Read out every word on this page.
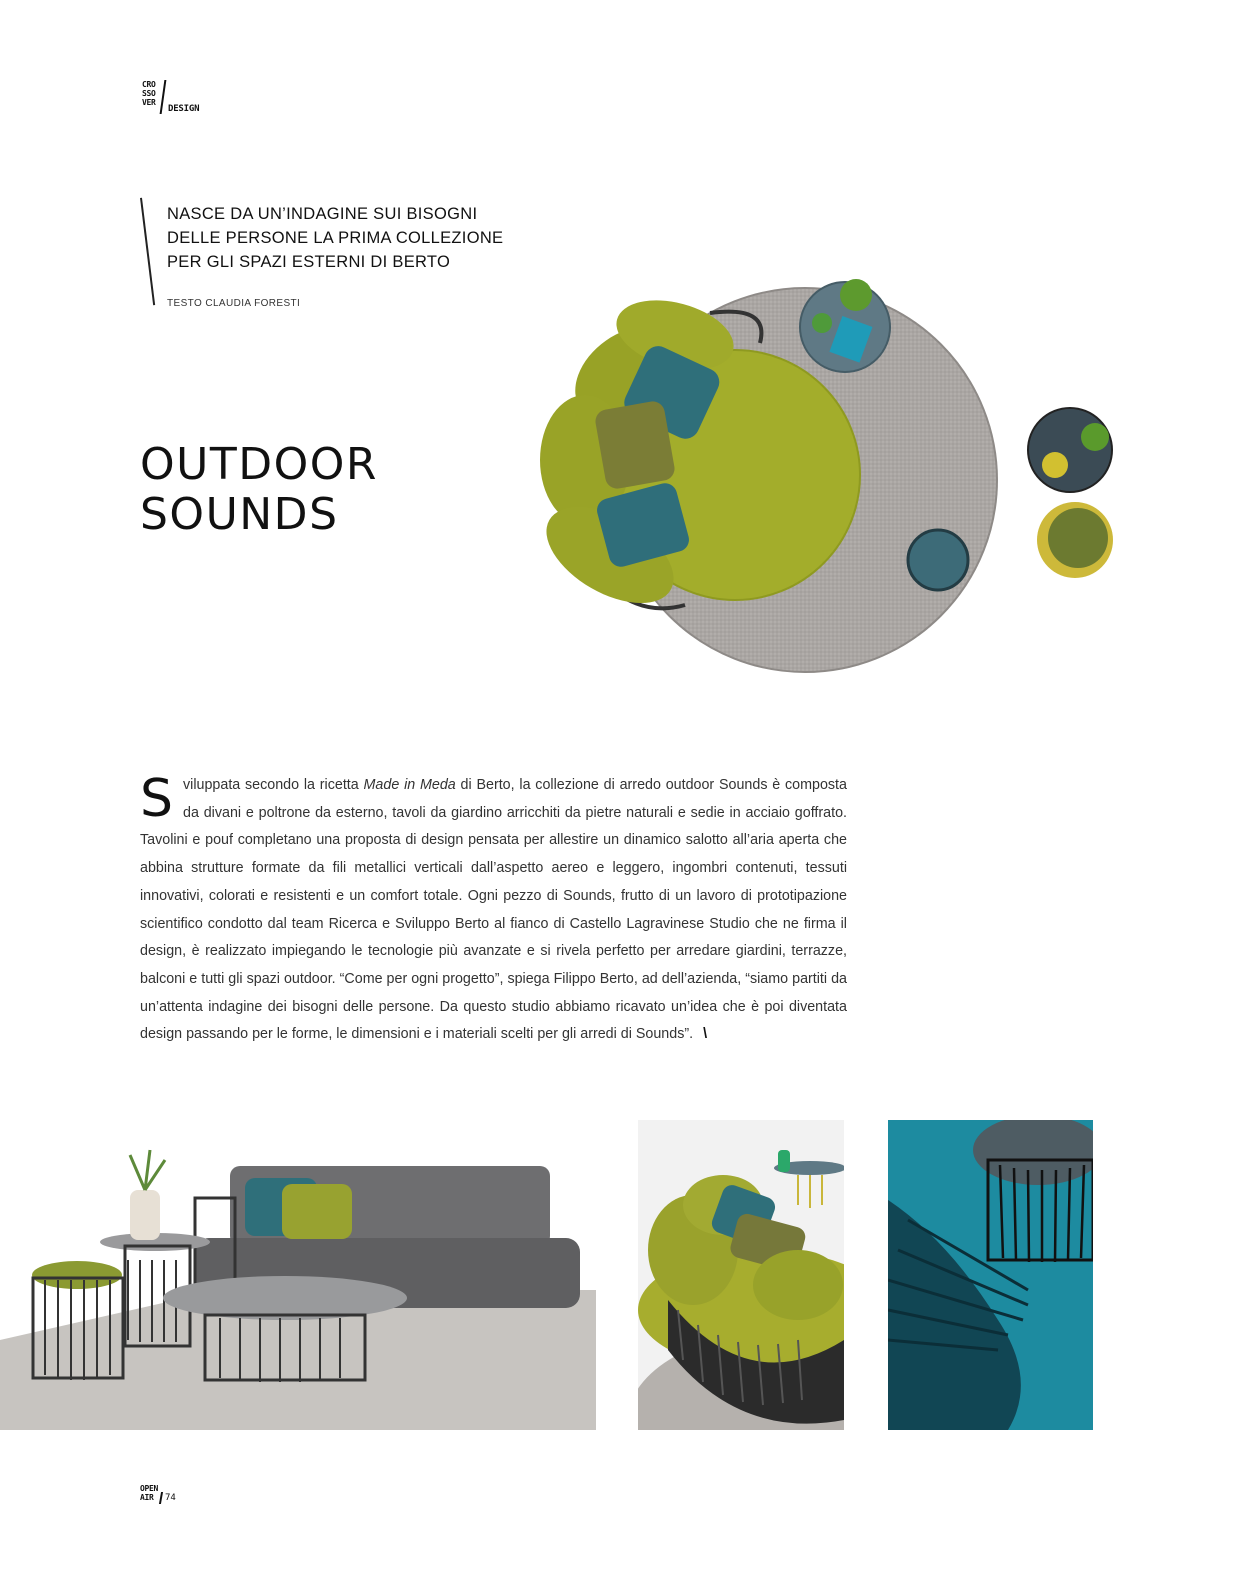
CRO
SSO
VER
DESIGN
NASCE DA UN’INDAGINE SUI BISOGNI
DELLE PERSONE LA PRIMA COLLEZIONE
PER GLI SPAZI ESTERNI DI BERTO
TESTO CLAUDIA FORESTI
OUTDOOR
SOUNDS
Sviluppata secondo la ricetta Made in Meda di Berto, la collezione di arredo outdoor Sounds è composta da divani e poltrone da esterno, tavoli da giardino arricchiti da pietre naturali e sedie in acciaio goffrato. Tavolini e pouf completano una proposta di design pensata per allestire un dinamico salotto all’aria aperta che abbina strutture formate da fili metallici verticali dall’aspetto aereo e leggero, ingombri contenuti, tessuti innovativi, colorati e resistenti e un comfort totale. Ogni pezzo di Sounds, frutto di un lavoro di prototipazione scientifico condotto dal team Ricerca e Sviluppo Berto al fianco di Castello Lagravinese Studio che ne firma il design, è realizzato impiegando le tecnologie più avanzate e si rivela perfetto per arredare giardini, terrazze, balconi e tutti gli spazi outdoor. “Come per ogni progetto”, spiega Filippo Berto, ad dell’azienda, “siamo partiti da un’attenta indagine dei bisogni delle persone. Da questo studio abbiamo ricavato un’idea che è poi diventata design passando per le forme, le dimensioni e i materiali scelti per gli arredi di Sounds”. \
OPEN
AIR	74
